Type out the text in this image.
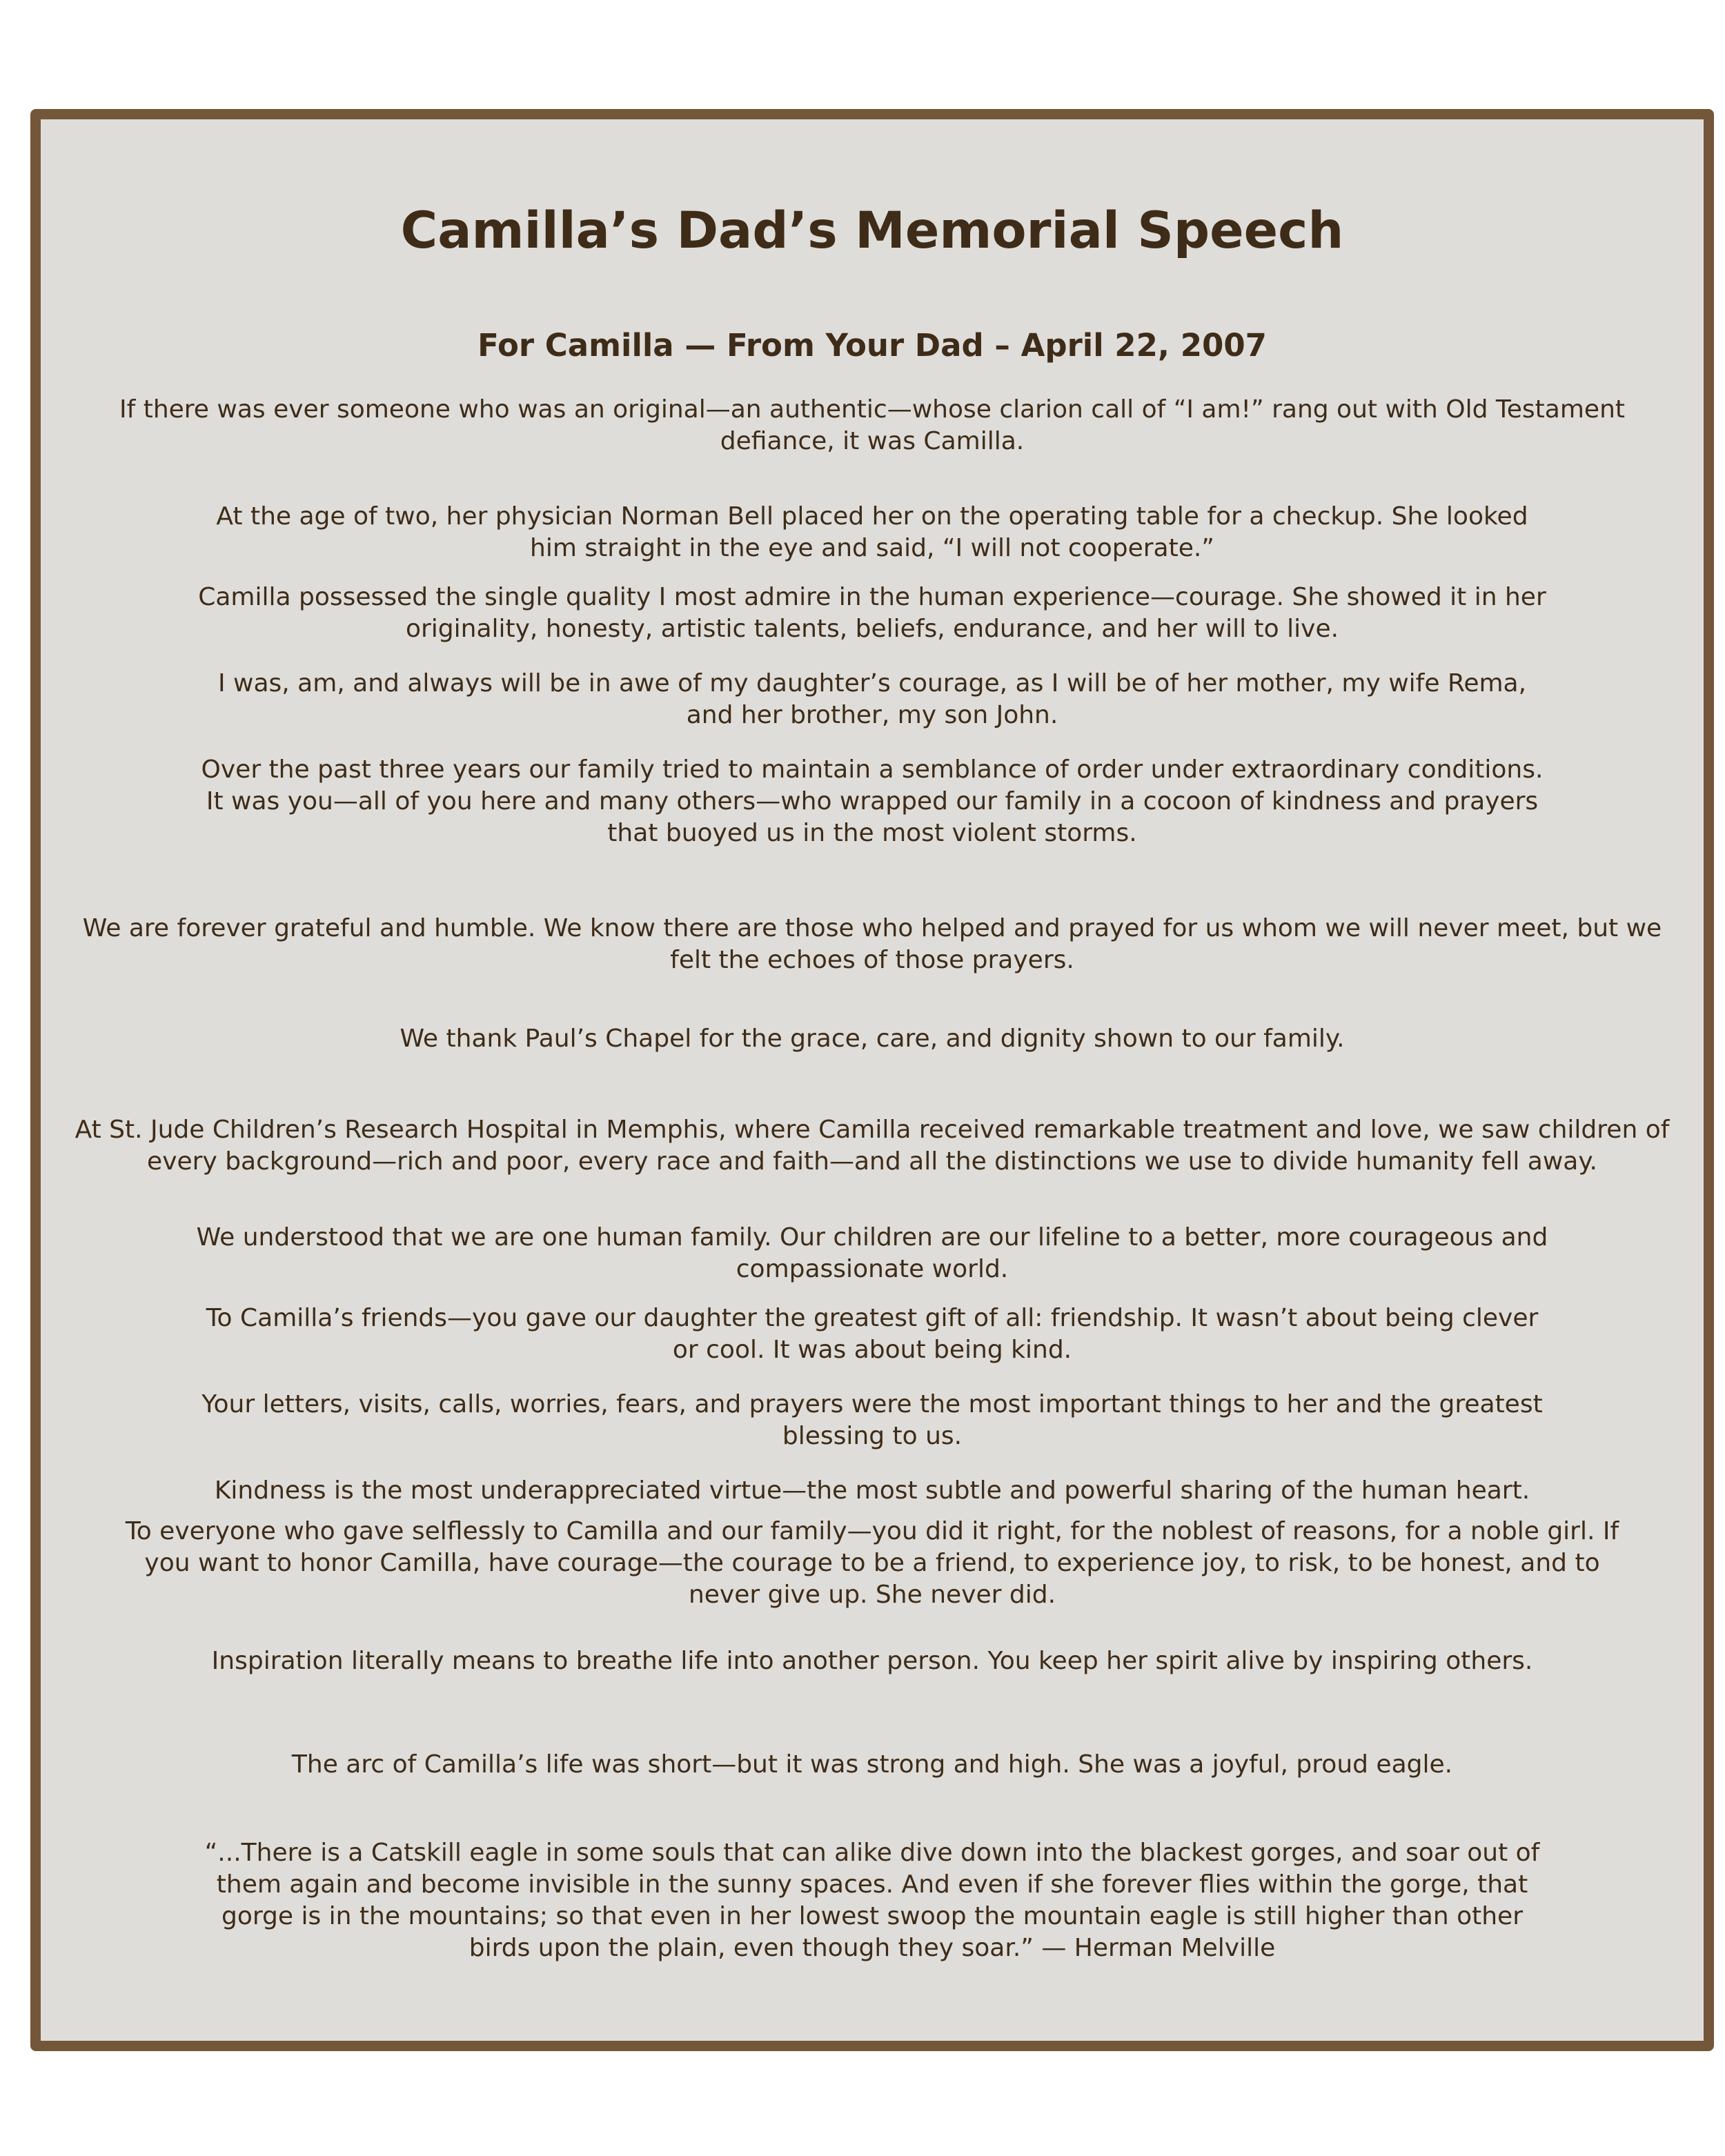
Camilla’s Dad’s Memorial Speech
For Camilla — From Your Dad – April 22, 2007

If there was ever someone who was an original—an authentic—whose clarion call of “I am!” rang out with Old Testament defiance, it was Camilla.

At the age of two, her physician Norman Bell placed her on the operating table for a checkup. She looked him straight in the eye and said, “I will not cooperate.”

Camilla possessed the single quality I most admire in the human experience—courage. She showed it in her originality, honesty, artistic talents, beliefs, endurance, and her will to live.

I was, am, and always will be in awe of my daughter’s courage, as I will be of her mother, my wife Rema, and her brother, my son John.

Over the past three years our family tried to maintain a semblance of order under extraordinary conditions. It was you—all of you here and many others—who wrapped our family in a cocoon of kindness and prayers that buoyed us in the most violent storms.

We are forever grateful and humble. We know there are those who helped and prayed for us whom we will never meet, but we felt the echoes of those prayers.

We thank Paul’s Chapel for the grace, care, and dignity shown to our family.

At St. Jude Children’s Research Hospital in Memphis, where Camilla received remarkable treatment and love, we saw children of every background—rich and poor, every race and faith—and all the distinctions we use to divide humanity fell away.

We understood that we are one human family. Our children are our lifeline to a better, more courageous and compassionate world.

To Camilla’s friends—you gave our daughter the greatest gift of all: friendship. It wasn’t about being clever or cool. It was about being kind.

Your letters, visits, calls, worries, fears, and prayers were the most important things to her and the greatest blessing to us.

Kindness is the most underappreciated virtue—the most subtle and powerful sharing of the human heart.

To everyone who gave selflessly to Camilla and our family—you did it right, for the noblest of reasons, for a noble girl. If you want to honor Camilla, have courage—the courage to be a friend, to experience joy, to risk, to be honest, and to never give up. She never did.

Inspiration literally means to breathe life into another person. You keep her spirit alive by inspiring others.

The arc of Camilla’s life was short—but it was strong and high. She was a joyful, proud eagle.

“...There is a Catskill eagle in some souls that can alike dive down into the blackest gorges, and soar out of them again and become invisible in the sunny spaces. And even if she forever flies within the gorge, that gorge is in the mountains; so that even in her lowest swoop the mountain eagle is still higher than other birds upon the plain, even though they soar.” — Herman Melville
